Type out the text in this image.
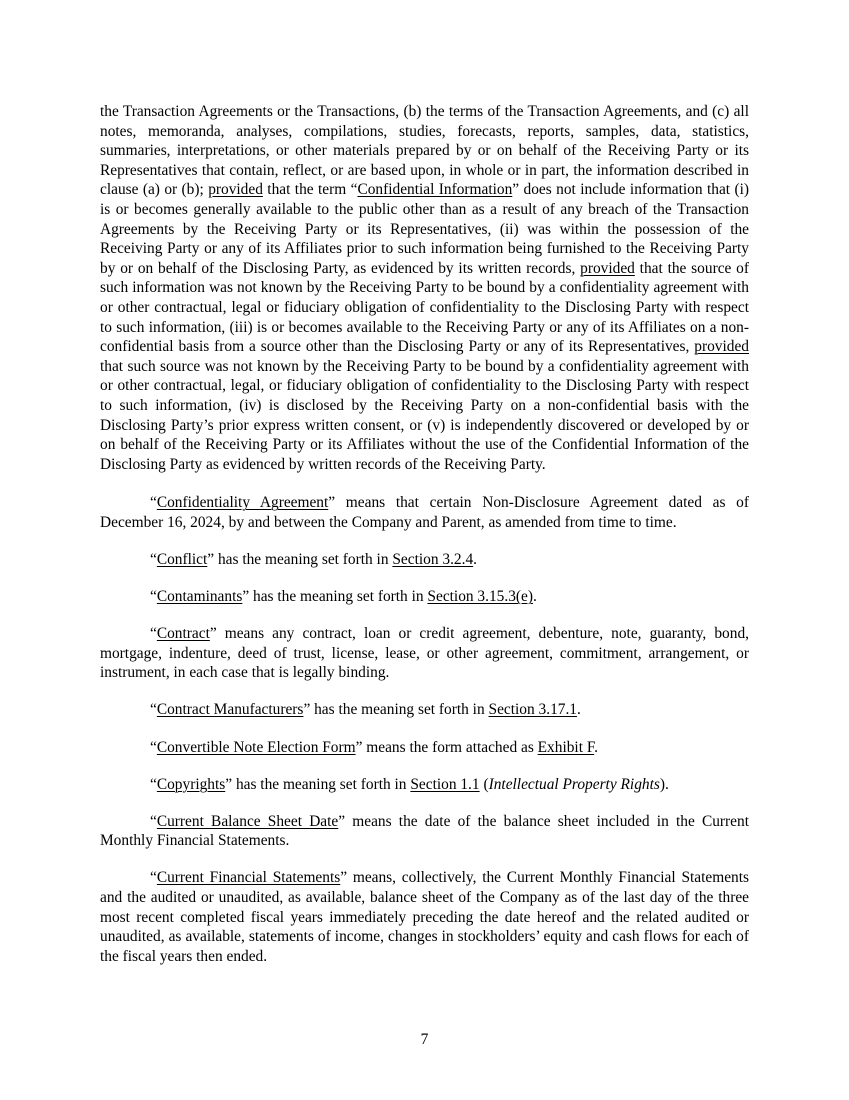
the Transaction Agreements or the Transactions, (b) the terms of the Transaction Agreements, and (c) all notes, memoranda, analyses, compilations, studies, forecasts, reports, samples, data, statistics, summaries, interpretations, or other materials prepared by or on behalf of the Receiving Party or its Representatives that contain, reflect, or are based upon, in whole or in part, the information described in clause (a) or (b); provided that the term “Confidential Information” does not include information that (i) is or becomes generally available to the public other than as a result of any breach of the Transaction Agreements by the Receiving Party or its Representatives, (ii) was within the possession of the Receiving Party or any of its Affiliates prior to such information being furnished to the Receiving Party by or on behalf of the Disclosing Party, as evidenced by its written records, provided that the source of such information was not known by the Receiving Party to be bound by a confidentiality agreement with or other contractual, legal or fiduciary obligation of confidentiality to the Disclosing Party with respect to such information, (iii) is or becomes available to the Receiving Party or any of its Affiliates on a non-confidential basis from a source other than the Disclosing Party or any of its Representatives, provided that such source was not known by the Receiving Party to be bound by a confidentiality agreement with or other contractual, legal, or fiduciary obligation of confidentiality to the Disclosing Party with respect to such information, (iv) is disclosed by the Receiving Party on a non-confidential basis with the Disclosing Party’s prior express written consent, or (v) is independently discovered or developed by or on behalf of the Receiving Party or its Affiliates without the use of the Confidential Information of the Disclosing Party as evidenced by written records of the Receiving Party.

“Confidentiality Agreement” means that certain Non-Disclosure Agreement dated as of December 16, 2024, by and between the Company and Parent, as amended from time to time.

“Conflict” has the meaning set forth in Section 3.2.4.

“Contaminants” has the meaning set forth in Section 3.15.3(e).

“Contract” means any contract, loan or credit agreement, debenture, note, guaranty, bond, mortgage, indenture, deed of trust, license, lease, or other agreement, commitment, arrangement, or instrument, in each case that is legally binding.

“Contract Manufacturers” has the meaning set forth in Section 3.17.1.

“Convertible Note Election Form” means the form attached as Exhibit F.

“Copyrights” has the meaning set forth in Section 1.1 (Intellectual Property Rights).

“Current Balance Sheet Date” means the date of the balance sheet included in the Current Monthly Financial Statements.

“Current Financial Statements” means, collectively, the Current Monthly Financial Statements and the audited or unaudited, as available, balance sheet of the Company as of the last day of the three most recent completed fiscal years immediately preceding the date hereof and the related audited or unaudited, as available, statements of income, changes in stockholders’ equity and cash flows for each of the fiscal years then ended.

7
